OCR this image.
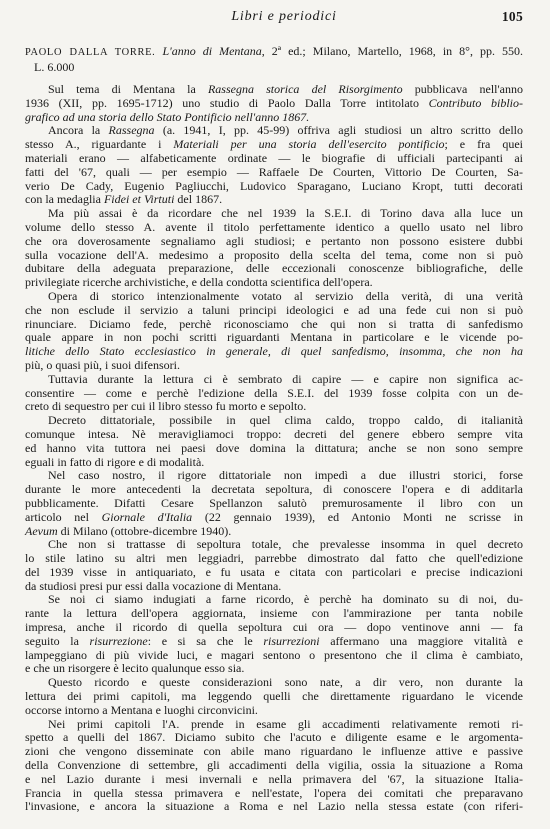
Libri e periodici	105
PAOLO DALLA TORRE. L'anno di Mentana, 2ª ed.; Milano, Martello, 1968, in 8°, pp. 550.
L. 6.000
Sul tema di Mentana la Rassegna storica del Risorgimento pubblicava nell'anno
1936 (XII, pp. 1695-1712) uno studio di Paolo Dalla Torre intitolato Contributo biblio-
grafico ad una storia dello Stato Pontificio nell'anno 1867.
Ancora la Rassegna (a. 1941, I, pp. 45-99) offriva agli studiosi un altro scritto dello
stesso A., riguardante i Materiali per una storia dell'esercito pontificio; e fra quei
materiali erano — alfabeticamente ordinate — le biografie di ufficiali partecipanti ai
fatti del '67, quali — per esempio — Raffaele De Courten, Vittorio De Courten, Sa-
verio De Cady, Eugenio Pagliucchi, Ludovico Sparagano, Luciano Kropt, tutti decorati
con la medaglia Fidei et Virtuti del 1867.
Ma più assai è da ricordare che nel 1939 la S.E.I. di Torino dava alla luce un
volume dello stesso A. avente il titolo perfettamente identico a quello usato nel libro
che ora doverosamente segnaliamo agli studiosi; e pertanto non possono esistere dubbi
sulla vocazione dell'A. medesimo a proposito della scelta del tema, come non si può
dubitare della adeguata preparazione, delle eccezionali conoscenze bibliografiche, delle
privilegiate ricerche archivistiche, e della condotta scientifica dell'opera.
Opera di storico intenzionalmente votato al servizio della verità, di una verità
che non esclude il servizio a taluni principi ideologici e ad una fede cui non si può
rinunciare. Diciamo fede, perchè riconosciamo che qui non si tratta di sanfedismo
quale appare in non pochi scritti riguardanti Mentana in particolare e le vicende po-
litiche dello Stato ecclesiastico in generale, di quel sanfedismo, insomma, che non ha
più, o quasi più, i suoi difensori.
Tuttavia durante la lettura ci è sembrato di capire — e capire non significa ac-
consentire — come e perchè l'edizione della S.E.I. del 1939 fosse colpita con un de-
creto di sequestro per cui il libro stesso fu morto e sepolto.
Decreto dittatoriale, possibile in quel clima caldo, troppo caldo, di italianità
comunque intesa. Nè meravigliamoci troppo: decreti del genere ebbero sempre vita
ed hanno vita tuttora nei paesi dove domina la dittatura; anche se non sono sempre
eguali in fatto di rigore e di modalità.
Nel caso nostro, il rigore dittatoriale non impedì a due illustri storici, forse
durante le more antecedenti la decretata sepoltura, di conoscere l'opera e di additarla
pubblicamente. Difatti Cesare Spellanzon salutò premurosamente il libro con un
articolo nel Giornale d'Italia (22 gennaio 1939), ed Antonio Monti ne scrisse in
Aevum di Milano (ottobre-dicembre 1940).
Che non si trattasse di sepoltura totale, che prevalesse insomma in quel decreto
lo stile latino su altri men leggiadri, parrebbe dimostrato dal fatto che quell'edizione
del 1939 visse in antiquariato, e fu usata e citata con particolari e precise indicazioni
da studiosi presi pur essi dalla vocazione di Mentana.
Se noi ci siamo indugiati a farne ricordo, è perchè ha dominato su di noi, du-
rante la lettura dell'opera aggiornata, insieme con l'ammirazione per tanta nobile
impresa, anche il ricordo di quella sepoltura cui ora — dopo ventinove anni — fa
seguito la risurrezione: e si sa che le risurrezioni affermano una maggiore vitalità e
lampeggiano di più vivide luci, e magari sentono o presentono che il clima è cambiato,
e che un risorgere è lecito qualunque esso sia.
Questo ricordo e queste considerazioni sono nate, a dir vero, non durante la
lettura dei primi capitoli, ma leggendo quelli che direttamente riguardano le vicende
occorse intorno a Mentana e luoghi circonvicini.
Nei primi capitoli l'A. prende in esame gli accadimenti relativamente remoti ri-
spetto a quelli del 1867. Diciamo subito che l'acuto e diligente esame e le argomenta-
zioni che vengono disseminate con abile mano riguardano le influenze attive e passive
della Convenzione di settembre, gli accadimenti della vigilia, ossia la situazione a Roma
e nel Lazio durante i mesi invernali e nella primavera del '67, la situazione Italia-
Francia in quella stessa primavera e nell'estate, l'opera dei comitati che preparavano
l'invasione, e ancora la situazione a Roma e nel Lazio nella stessa estate (con riferi-
